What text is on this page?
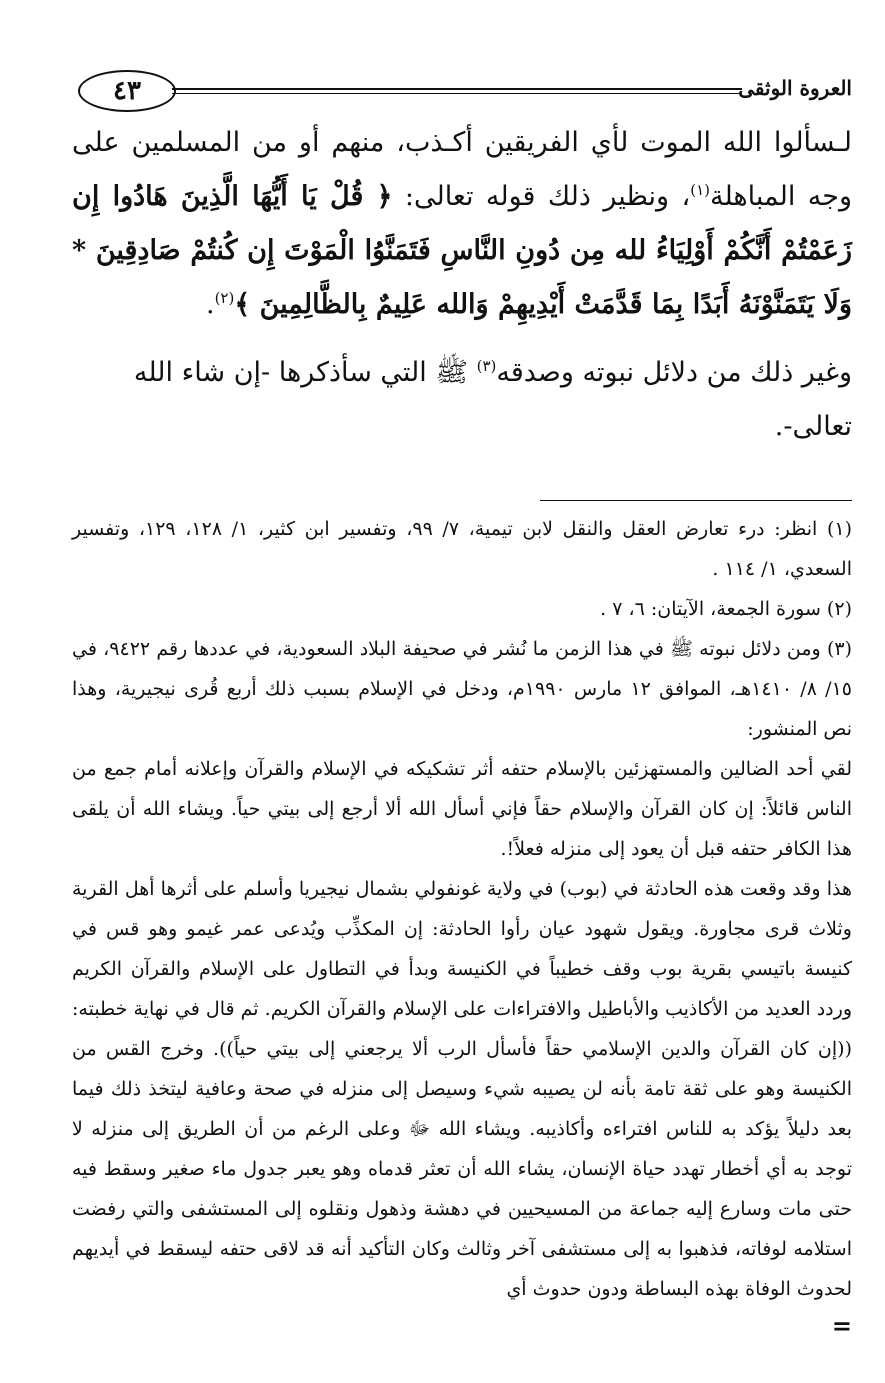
٤٣	العروة الوثقى

لـسألوا الله الموت لأي الفريقين أكـذب، منهم أو من المسلمين على وجه المباهلة$^{(١)}$، ونظير ذلك قوله تعالى: ﴿ قُلْ يَا أَيُّهَا الَّذِينَ هَادُوا إِن زَعَمْتُمْ أَنَّكُمْ أَوْلِيَاءُ لله مِن دُونِ النَّاسِ فَتَمَنَّوُا الْمَوْتَ إِن كُنتُمْ صَادِقِينَ * وَلَا يَتَمَنَّوْنَهُ أَبَدًا بِمَا قَدَّمَتْ أَيْدِيهِمْ وَالله عَلِيمٌ بِالظَّالِمِينَ ﴾$^{(٢)}$.

وغير ذلك من دلائل نبوته وصدقه$^{(٣)}$ ﷺ التي سأذكرها -إن شاء الله تعالى-.

(١) انظر: درء تعارض العقل والنقل لابن تيمية، ٧/ ٩٩، وتفسير ابن كثير، ١/ ١٢٨، ١٢٩، وتفسير السعدي، ١/ ١١٤ .

(٢) سورة الجمعة، الآيتان: ٦، ٧ .

(٣) ومن دلائل نبوته ﷺ في هذا الزمن ما نُشر في صحيفة البلاد السعودية، في عددها رقم ٩٤٢٢، في ١٥/ ٨/ ١٤١٠هـ، الموافق ١٢ مارس ١٩٩٠م، ودخل في الإسلام بسبب ذلك أربع قُرى نيجيرية، وهذا نص المنشور:

لقي أحد الضالين والمستهزئين بالإسلام حتفه أثر تشكيكه في الإسلام والقرآن وإعلانه أمام جمع من الناس قائلاً: إن كان القرآن والإسلام حقاً فإني أسأل الله ألا أرجع إلى بيتي حياً. ويشاء الله أن يلقى هذا الكافر حتفه قبل أن يعود إلى منزله فعلاً!.

هذا وقد وقعت هذه الحادثة في (بوب) في ولاية غونفولي بشمال نيجيريا وأسلم على أثرها أهل القرية وثلاث قرى مجاورة. ويقول شهود عيان رأوا الحادثة: إن المكذِّب ويُدعى عمر غيمو وهو قس في كنيسة باتيسي بقرية بوب وقف خطيباً في الكنيسة وبدأ في التطاول على الإسلام والقرآن الكريم وردد العديد من الأكاذيب والأباطيل والافتراءات على الإسلام والقرآن الكريم. ثم قال في نهاية خطبته: ((إن كان القرآن والدين الإسلامي حقاً فأسأل الرب ألا يرجعني إلى بيتي حياً)). وخرج القس من الكنيسة وهو على ثقة تامة بأنه لن يصيبه شيء وسيصل إلى منزله في صحة وعافية ليتخذ ذلك فيما بعد دليلاً يؤكد به للناس افتراءه وأكاذيبه. ويشاء الله ﷻ وعلى الرغم من أن الطريق إلى منزله لا توجد به أي أخطار تهدد حياة الإنسان، يشاء الله أن تعثر قدماه وهو يعبر جدول ماء صغير وسقط فيه حتى مات وسارع إليه جماعة من المسيحيين في دهشة وذهول ونقلوه إلى المستشفى والتي رفضت استلامه لوفاته، فذهبوا به إلى مستشفى آخر وثالث وكان التأكيد أنه قد لاقى حتفه ليسقط في أيديهم لحدوث الوفاة بهذه البساطة ودون حدوث أي

=
